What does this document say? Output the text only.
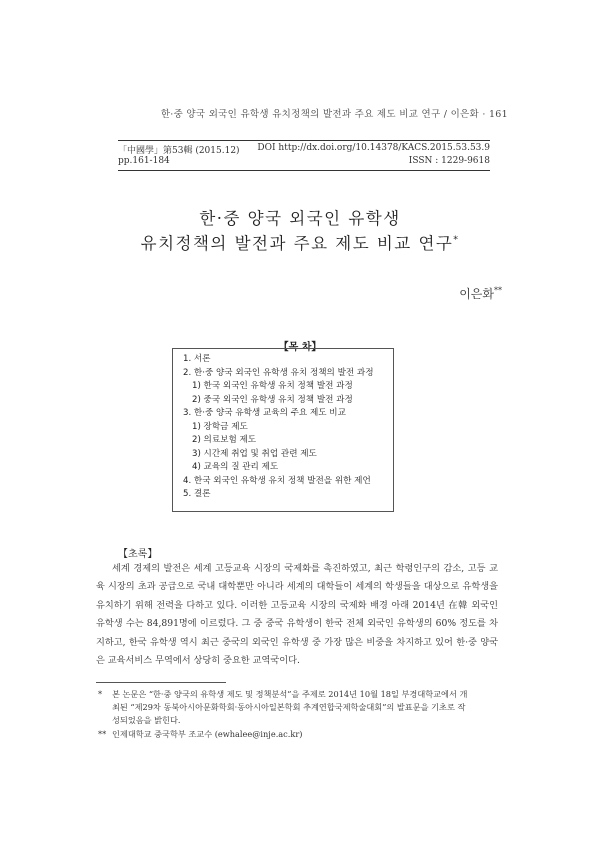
한·중 양국 외국인 유학생 유치정책의 발전과 주요 제도 비교 연구 / 이은화 · 161
「中國學」第53輯 (2015.12) DOI http://dx.doi.org/10.14378/KACS.2015.53.53.9
pp.161-184	ISSN : 1229-9618
한·중 양국 외국인 유학생
유치정책의 발전과 주요 제도 비교 연구*
이은화**
【목 차】
1. 서론
2. 한·중 양국 외국인 유학생 유치 정책의 발전 과정
1) 한국 외국인 유학생 유치 정책 발전 과정
2) 중국 외국인 유학생 유치 정책 발전 과정
3. 한·중 양국 유학생 교육의 주요 제도 비교
1) 장학금 제도
2) 의료보험 제도
3) 시간제 취업 및 취업 관련 제도
4) 교육의 질 관리 제도
4. 한국 외국인 유학생 유치 정책 발전을 위한 제언
5. 결론
【초록】
세계 경제의 발전은 세계 고등교육 시장의 국제화를 촉진하였고, 최근 학령인구의 감소, 고등 교육 시장의 초과 공급으로 국내 대학뿐만 아니라 세계의 대학들이 세계의 학생들을 대상으로 유학생을 유치하기 위해 전력을 다하고 있다. 이러한 고등교육 시장의 국제화 배경 아래 2014년 在韓 외국인 유학생 수는 84,891명에 이르렀다. 그 중 중국 유학생이 한국 전체 외국인 유학생의 60% 정도를 차지하고, 한국 유학생 역시 최근 중국의 외국인 유학생 중 가장 많은 비중을 차지하고 있어 한·중 양국은 교육서비스 무역에서 상당히 중요한 교역국이다.
* 본 논문은 “한·중 양국의 유학생 제도 및 정책분석”을 주제로 2014년 10월 18일 부경대학교에서 개
최된 “제29차 동북아시아문화학회·동아시아일본학회 추계연합국제학술대회”의 발표문을 기초로 작
성되었음을 밝힌다.
** 인제대학교 중국학부 조교수 (ewhalee@inje.ac.kr)
